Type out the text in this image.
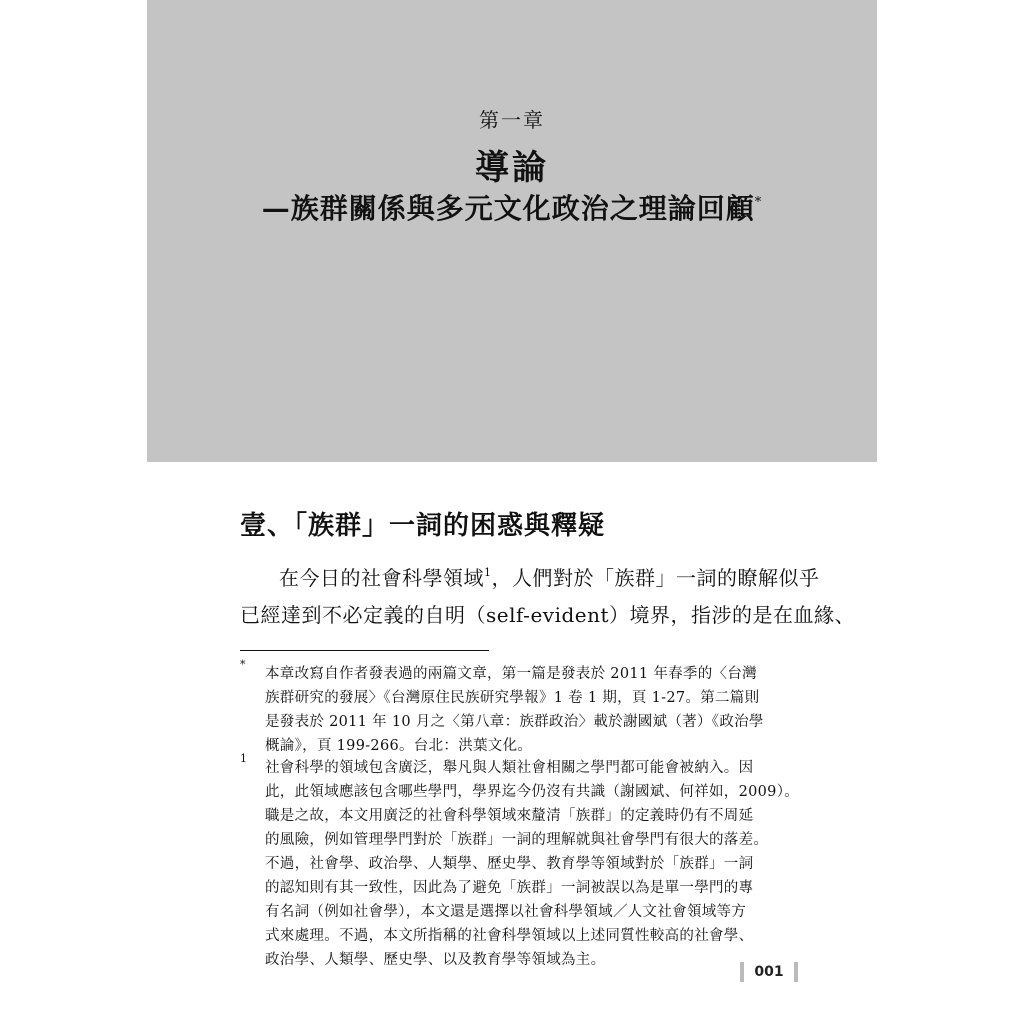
第一章
導論
—族群關係與多元文化政治之理論回顧*
壹、「族群」一詞的困惑與釋疑
在今日的社會科學領域$^1$，人們對於「族群」一詞的瞭解似乎
已經達到不必定義的自明（self-evident）境界，指涉的是在血緣、
*
本章改寫自作者發表過的兩篇文章，第一篇是發表於 2011 年春季的〈台灣
族群研究的發展〉《台灣原住民族研究學報》1 卷 1 期，頁 1-27。第二篇則
是發表於 2011 年 10 月之〈第八章：族群政治〉載於謝國斌（著）《政治學
概論》，頁 199-266。台北：洪葉文化。
1
社會科學的領域包含廣泛，舉凡與人類社會相關之學門都可能會被納入。因
此，此領域應該包含哪些學門，學界迄今仍沒有共識（謝國斌、何祥如，2009）。
職是之故，本文用廣泛的社會科學領域來釐清「族群」的定義時仍有不周延
的風險，例如管理學門對於「族群」一詞的理解就與社會學門有很大的落差。
不過，社會學、政治學、人類學、歷史學、教育學等領域對於「族群」一詞
的認知則有其一致性，因此為了避免「族群」一詞被誤以為是單一學門的專
有名詞（例如社會學），本文還是選擇以社會科學領域／人文社會領域等方
式來處理。不過，本文所指稱的社會科學領域以上述同質性較高的社會學、
政治學、人類學、歷史學、以及教育學等領域為主。
001
